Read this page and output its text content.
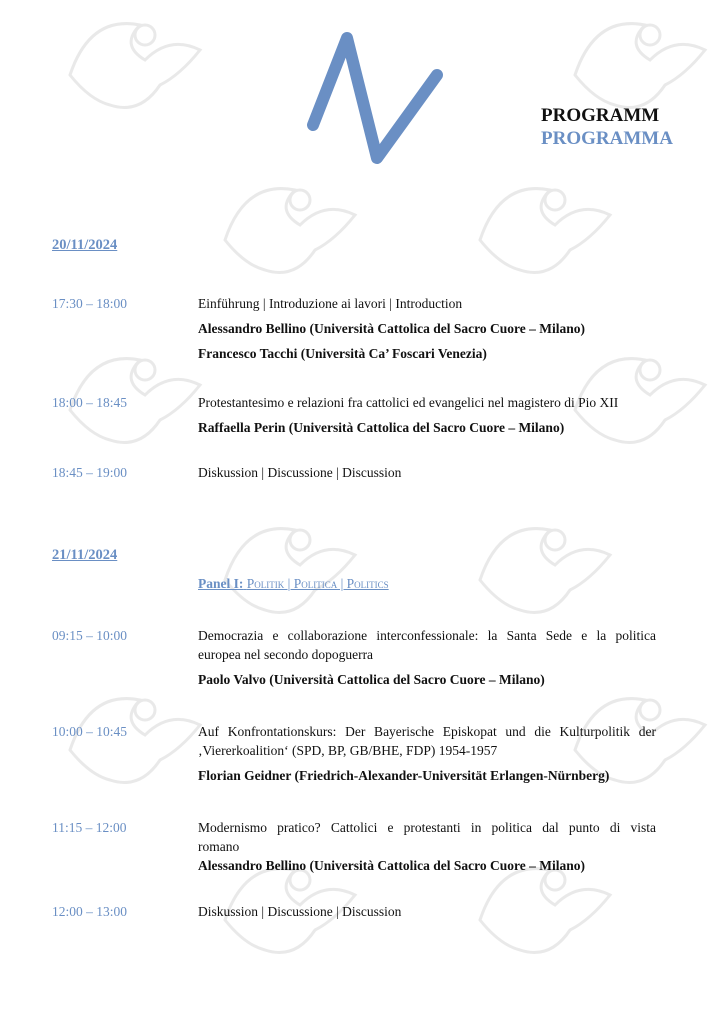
PROGRAMM
PROGRAMMA
20/11/2024
17:30 – 18:00	Einführung | Introduzione ai lavori | Introduction
Alessandro Bellino (Università Cattolica del Sacro Cuore – Milano)
Francesco Tacchi (Università Ca’ Foscari Venezia)
18:00 – 18:45	Protestantesimo e relazioni fra cattolici ed evangelici nel magistero di Pio XII
Raffaella Perin (Università Cattolica del Sacro Cuore – Milano)
18:45 – 19:00	Diskussion | Discussione | Discussion
21/11/2024
Panel I: Politik | Politica | Politics
09:15 – 10:00	Democrazia e collaborazione interconfessionale: la Santa Sede e la politica
europea nel secondo dopoguerra
Paolo Valvo (Università Cattolica del Sacro Cuore – Milano)
10:00 – 10:45	Auf Konfrontationskurs: Der Bayerische Episkopat und die Kulturpolitik der
‚Viererkoalition‘ (SPD, BP, GB/BHE, FDP) 1954-1957
Florian Geidner (Friedrich-Alexander-Universität Erlangen-Nürnberg)
11:15 – 12:00	Modernismo pratico? Cattolici e protestanti in politica dal punto di vista
romano
Alessandro Bellino (Università Cattolica del Sacro Cuore – Milano)
12:00 – 13:00	Diskussion | Discussione | Discussion
